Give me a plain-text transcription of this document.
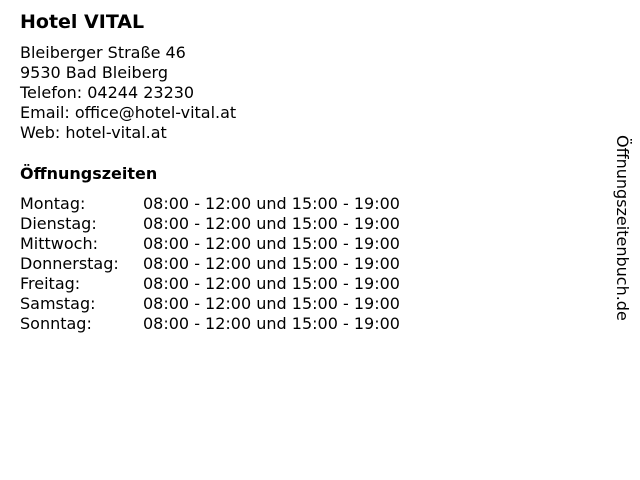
Hotel VITAL
Bleiberger Straße 46
9530 Bad Bleiberg
Telefon: 04244 23230
Email: office@hotel-vital.at
Web: hotel-vital.at
Öffnungszeiten
Montag:	08:00 - 12:00 und 15:00 - 19:00
Dienstag:	08:00 - 12:00 und 15:00 - 19:00
Mittwoch:	08:00 - 12:00 und 15:00 - 19:00
Donnerstag:	08:00 - 12:00 und 15:00 - 19:00
Freitag:	08:00 - 12:00 und 15:00 - 19:00
Samstag:	08:00 - 12:00 und 15:00 - 19:00
Sonntag:	08:00 - 12:00 und 15:00 - 19:00
Öffnungszeitenbuch.de
